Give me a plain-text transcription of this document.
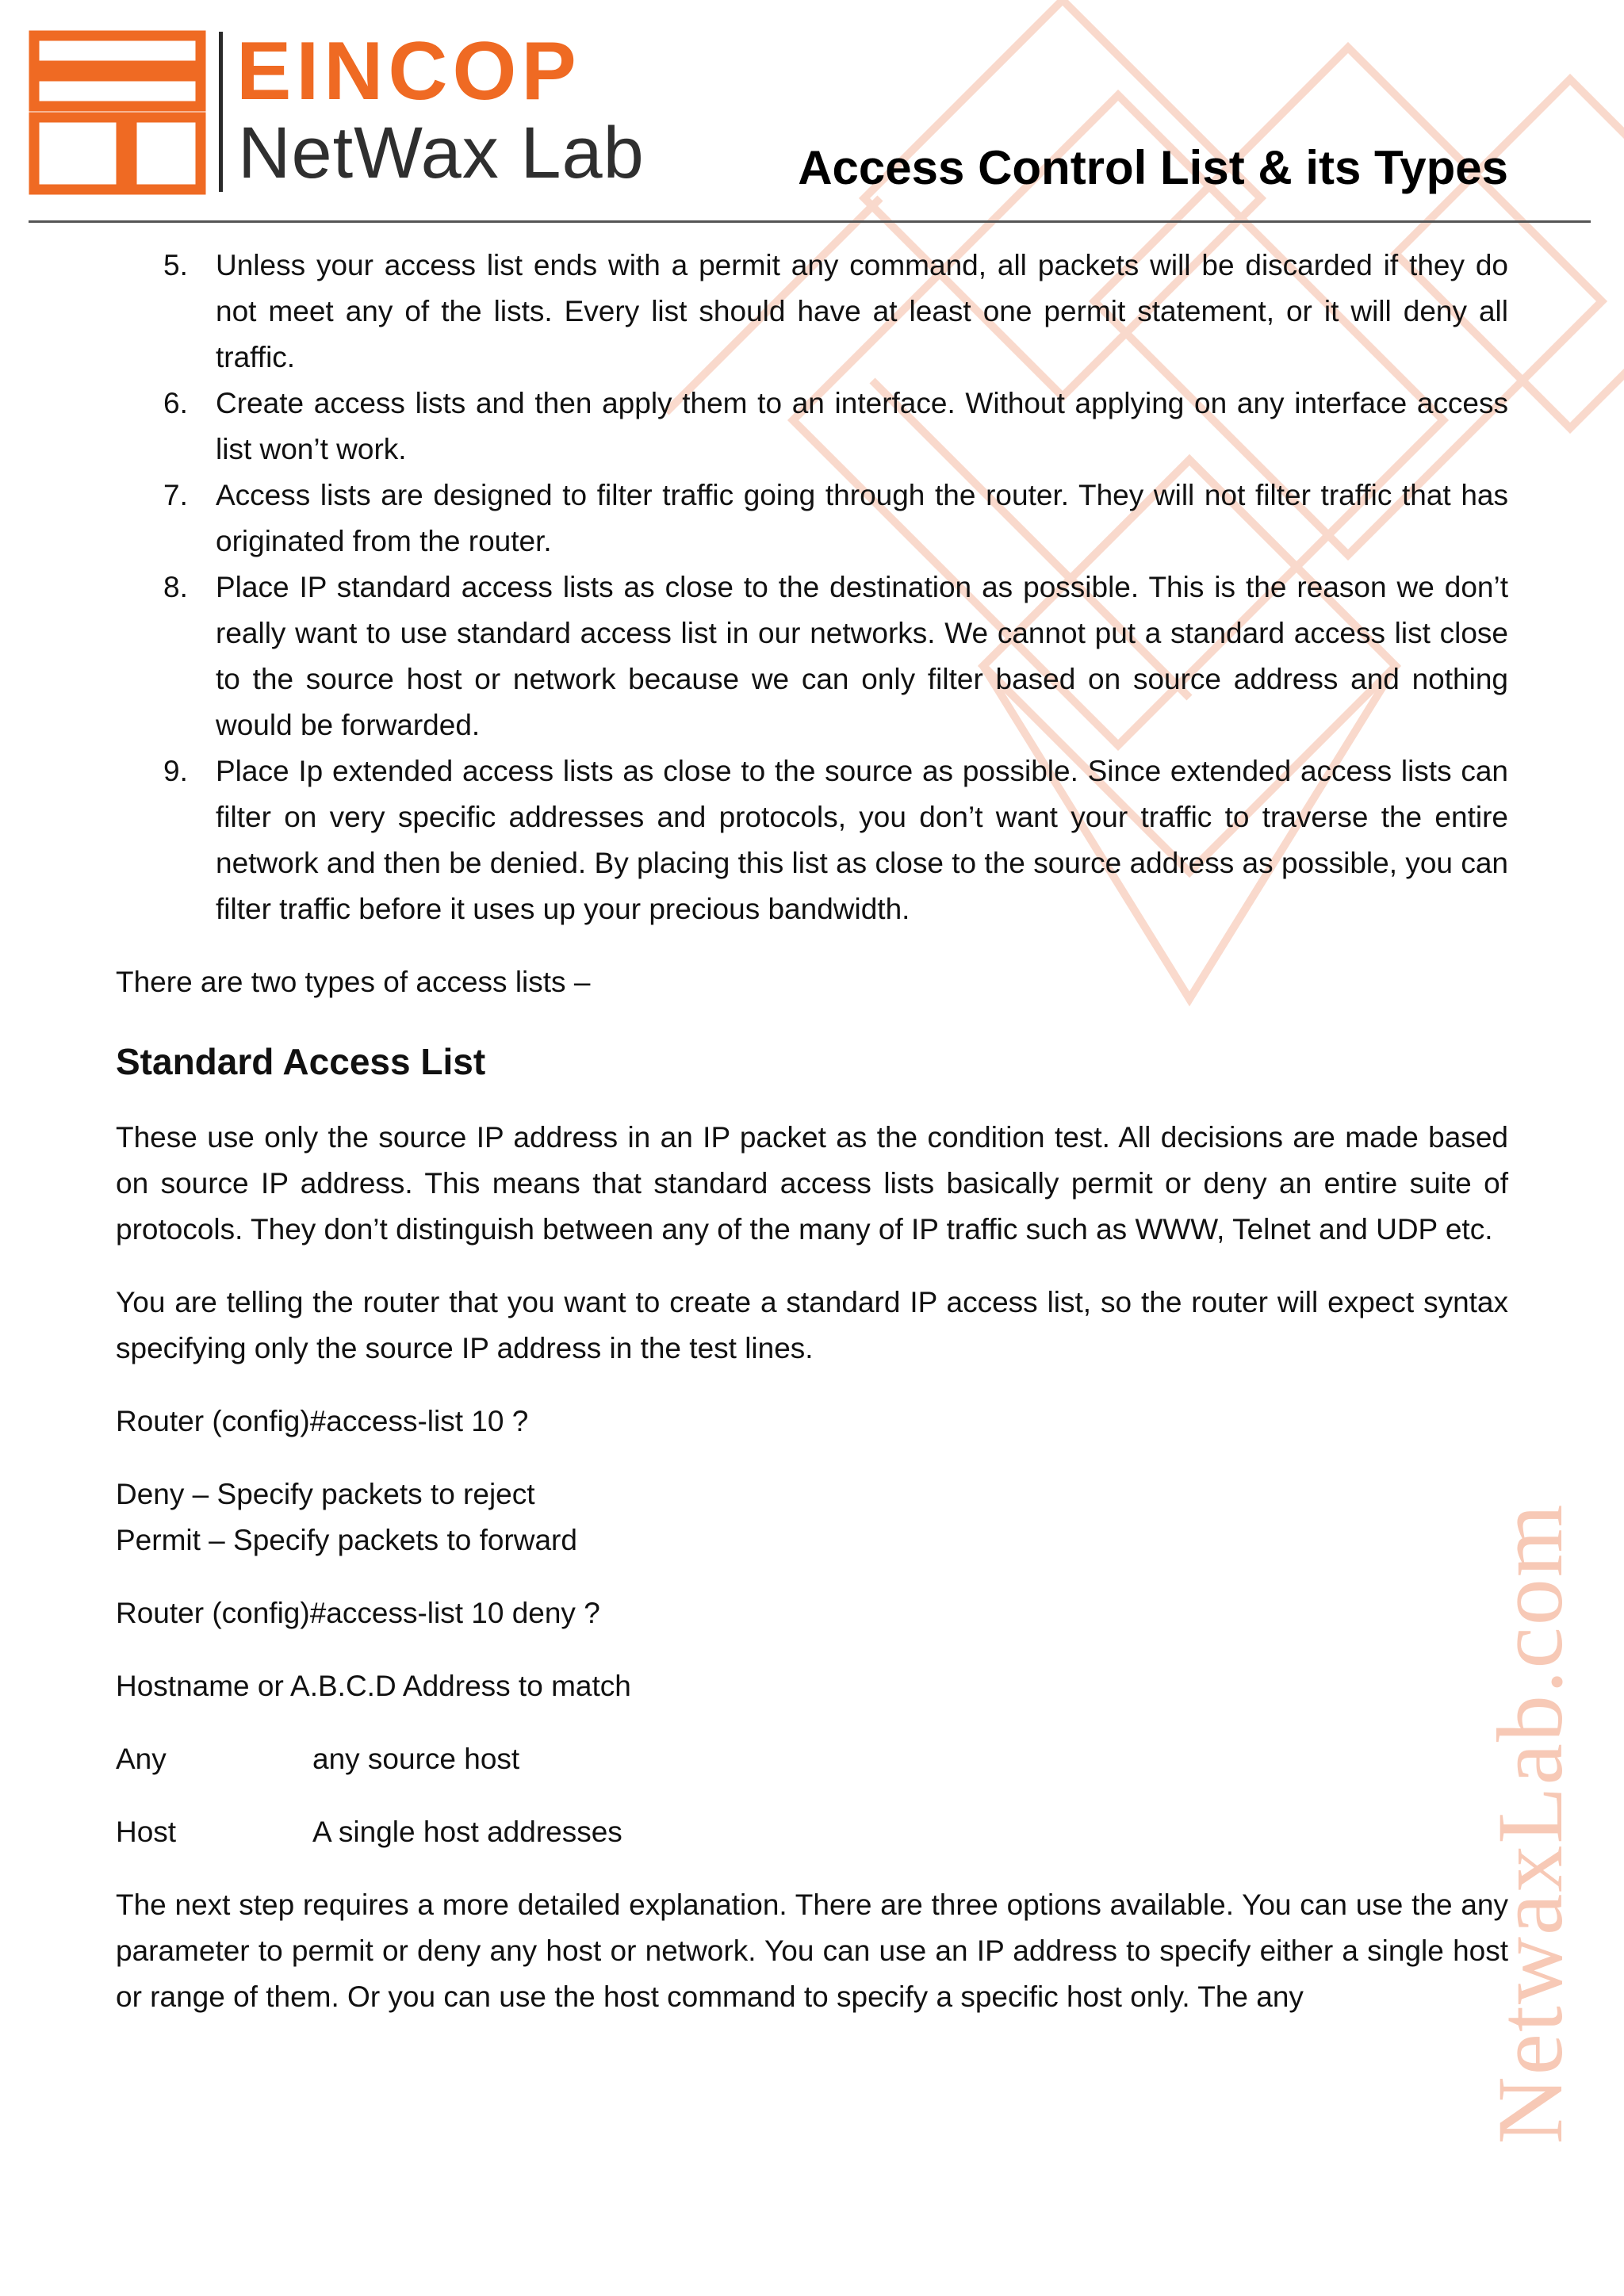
NetwaxLab.com
EINCOP
NetWax Lab	Access Control List & its Types
5. Unless your access list ends with a permit any command, all packets will be discarded if they do not meet any of the lists. Every list should have at least one permit statement, or it will deny all traffic.
6. Create access lists and then apply them to an interface. Without applying on any interface access list won’t work.
7. Access lists are designed to filter traffic going through the router. They will not filter traffic that has originated from the router.
8. Place IP standard access lists as close to the destination as possible. This is the reason we don’t really want to use standard access list in our networks. We cannot put a standard access list close to the source host or network because we can only filter based on source address and nothing would be forwarded.
9. Place Ip extended access lists as close to the source as possible. Since extended access lists can filter on very specific addresses and protocols, you don’t want your traffic to traverse the entire network and then be denied. By placing this list as close to the source address as possible, you can filter traffic before it uses up your precious bandwidth.

There are two types of access lists –

Standard Access List

These use only the source IP address in an IP packet as the condition test. All decisions are made based on source IP address. This means that standard access lists basically permit or deny an entire suite of protocols. They don’t distinguish between any of the many of IP traffic such as WWW, Telnet and UDP etc.

You are telling the router that you want to create a standard IP access list, so the router will expect syntax specifying only the source IP address in the test lines.

Router (config)#access-list 10 ?

Deny – Specify packets to reject

Permit – Specify packets to forward

Router (config)#access-list 10 deny ?

Hostname or A.B.C.D Address to match

Any	any source host
Host	A single host addresses

The next step requires a more detailed explanation. There are three options available. You can use the any parameter to permit or deny any host or network. You can use an IP address to specify either a single host or range of them. Or you can use the host command to specify a specific host only. The any
